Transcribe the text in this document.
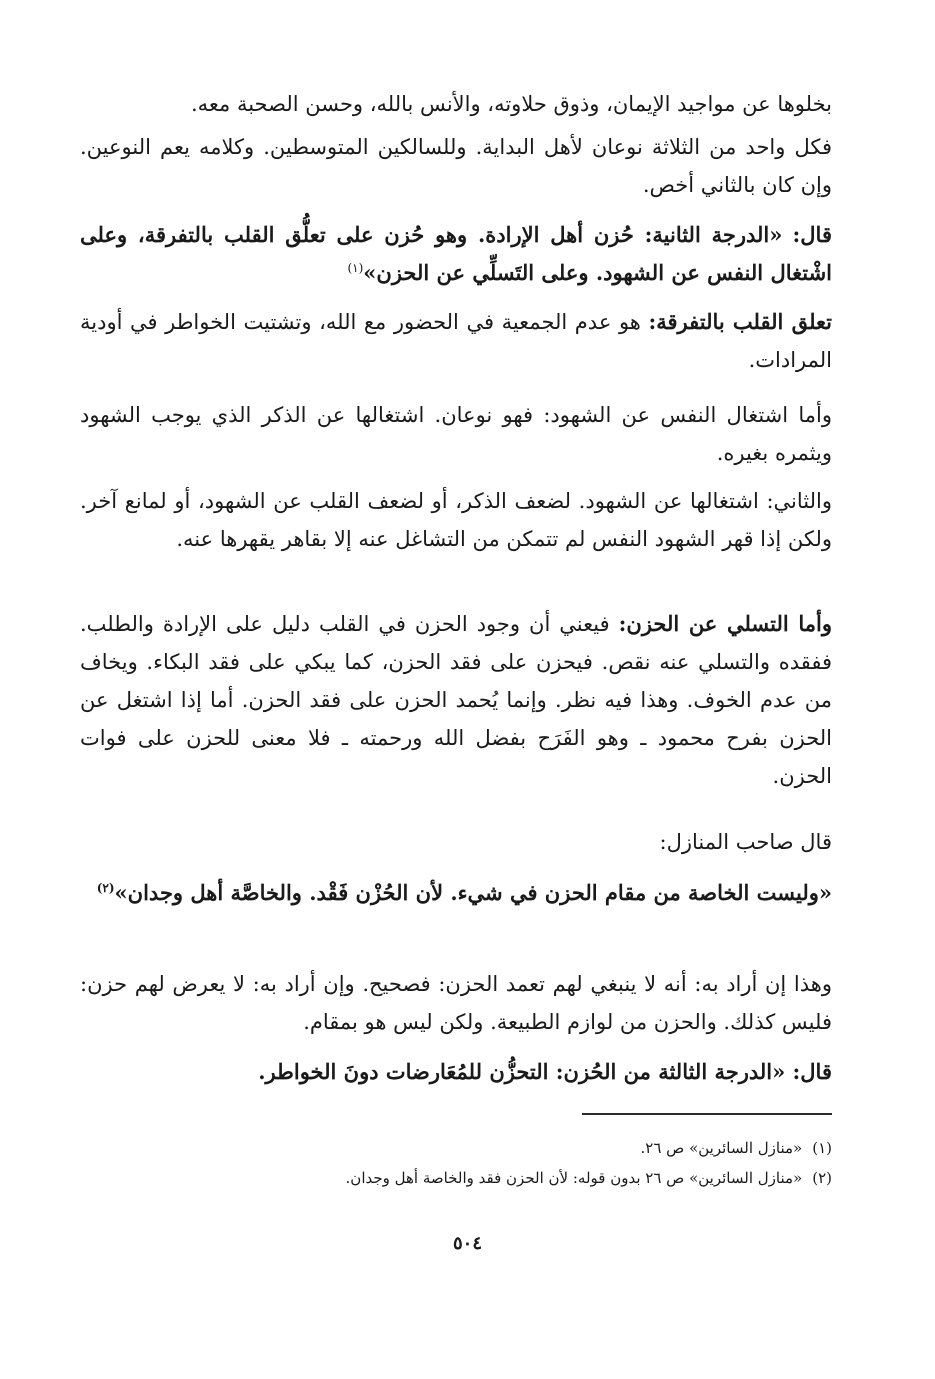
بخلوها عن مواجيد الإيمان، وذوق حلاوته، والأنس بالله، وحسن الصحبة معه.

فكل واحد من الثلاثة نوعان لأهل البداية. وللسالكين المتوسطين. وكلامه يعم النوعين. وإن كان بالثاني أخص.

قال: «الدرجة الثانية: حُزن أهل الإرادة. وهو حُزن على تعلُّق القلب بالتفرقة، وعلى اشْتغال النفس عن الشهود. وعلى التَسلِّي عن الحزن»$^{(١)}$

تعلق القلب بالتفرقة: هو عدم الجمعية في الحضور مع الله، وتشتيت الخواطر في أودية المرادات.

وأما اشتغال النفس عن الشهود: فهو نوعان. اشتغالها عن الذكر الذي يوجب الشهود ويثمره بغيره.

والثاني: اشتغالها عن الشهود. لضعف الذكر، أو لضعف القلب عن الشهود، أو لمانع آخر. ولكن إذا قهر الشهود النفس لم تتمكن من التشاغل عنه إلا بقاهر يقهرها عنه.

وأما التسلي عن الحزن: فيعني أن وجود الحزن في القلب دليل على الإرادة والطلب. ففقده والتسلي عنه نقص. فيحزن على فقد الحزن، كما يبكي على فقد البكاء. ويخاف من عدم الخوف. وهذا فيه نظر. وإنما يُحمد الحزن على فقد الحزن. أما إذا اشتغل عن الحزن بفرح محمود ـ وهو الفَرَح بفضل الله ورحمته ـ فلا معنى للحزن على فوات الحزن.

قال صاحب المنازل:

«وليست الخاصة من مقام الحزن في شيء. لأن الحُزْن فَقْد. والخاصَّة أهل وجدان»$^{(٢)}$

وهذا إن أراد به: أنه لا ينبغي لهم تعمد الحزن: فصحيح. وإن أراد به: لا يعرض لهم حزن: فليس كذلك. والحزن من لوازم الطبيعة. ولكن ليس هو بمقام.

قال: «الدرجة الثالثة من الحُزن: التحزُّن للمُعَارضات دونَ الخواطر.

(١)«منازل السائرين» ص ٢٦.

(٢)«منازل السائرين» ص ٢٦ بدون قوله: لأن الحزن فقد والخاصة أهل وجدان.

٥٠٤
